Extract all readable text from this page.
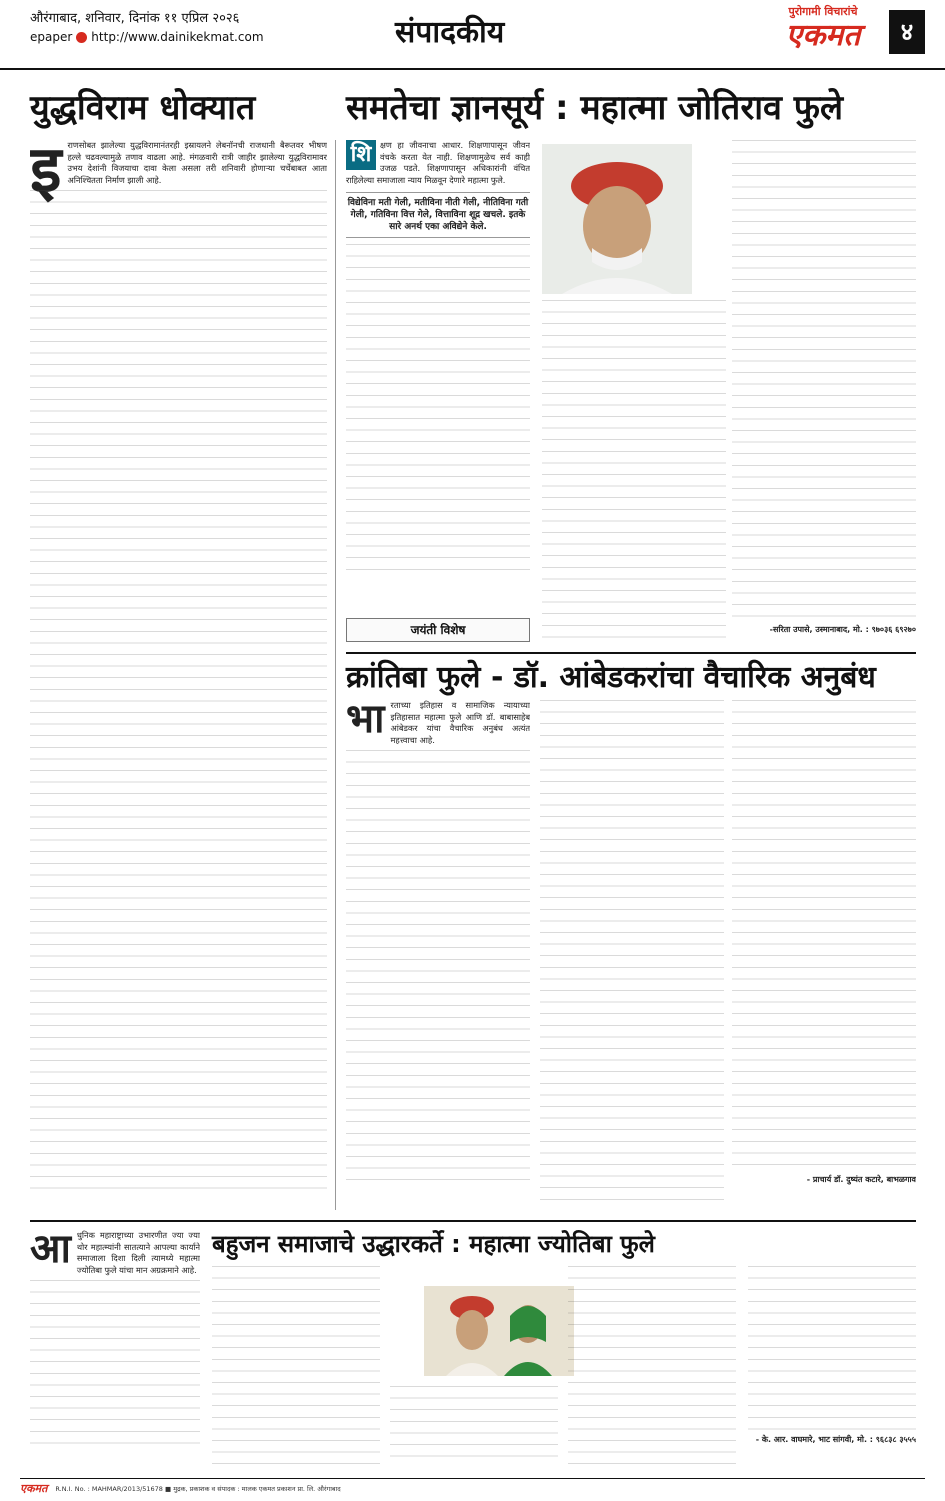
औरंगाबाद, शनिवार, दिनांक ११ एप्रिल २०२६
epaper http://www.dainikekmat.com	संपादकीय
पुरोगामी विचारांचे
एकमत	४
युद्धविराम धोक्यात
इ राणसोबत झालेल्या युद्धविरामानंतरही इस्रायलने लेबनॉनची राजधानी बैरूतवर भीषण हल्ले चढवल्यामुळे तणाव वाढला आहे. मंगळवारी रात्री जाहीर झालेल्या युद्धविरामावर उभय देशांनी विजयाचा दावा केला असला तरी शनिवारी होणाऱ्या चर्चेबाबत आता अनिश्चितता निर्माण झाली आहे.
समतेचा ज्ञानसूर्य : महात्मा जोतिराव फुले
शि	क्षण हा जीवनाचा आधार. शिक्षणापासून जीवन वंचके करता येत नाही. शिक्षणामुळेच सर्व काही उजळ पडते. शिक्षणापासून अधिकारांनी वंचित राहिलेल्या समाजाला न्याय मिळवून देणारे महात्मा फुले.
विद्येविना मती गेली, मतीविना नीती गेली, नीतिविना गती गेली, गतिविना वित्त गेले, वित्ताविना शूद्र खचले. इतके सारे अनर्थ एका अविद्येने केले.
-सरिता उपासे, उस्मानाबाद, मो. : ९७०३६ ६९२७०
जयंती विशेष
क्रांतिबा फुले - डॉ. आंबेडकरांचा वैचारिक अनुबंध
भा रताच्या इतिहास व सामाजिक न्यायाच्या इतिहासात महात्मा फुले आणि डॉ. बाबासाहेब आंबेडकर यांचा वैचारिक अनुबंध अत्यंत महत्त्वाचा आहे.
- प्राचार्य डॉ. दुष्यंत कटारे, बाभळगाव
आ धुनिक महाराष्ट्राच्या उभारणीत ज्या ज्या थोर महात्म्यांनी सातत्याने आपल्या कार्याने समाजाला दिशा दिली त्यामध्ये महात्मा ज्योतिबा फुले यांचा मान अग्रक्रमाने आहे.
बहुजन समाजाचे उद्धारकर्ते : महात्मा ज्योतिबा फुले
- के. आर. वाघमारे, भाट सांगवी, मो. : ९६८३८ ३५५५
एकमत R.N.I. No. : MAHMAR/2013/51678 ■ मुद्रक, प्रकाशक व संपादक : मालक एकमत प्रकाशन प्रा. लि. औरंगाबाद
